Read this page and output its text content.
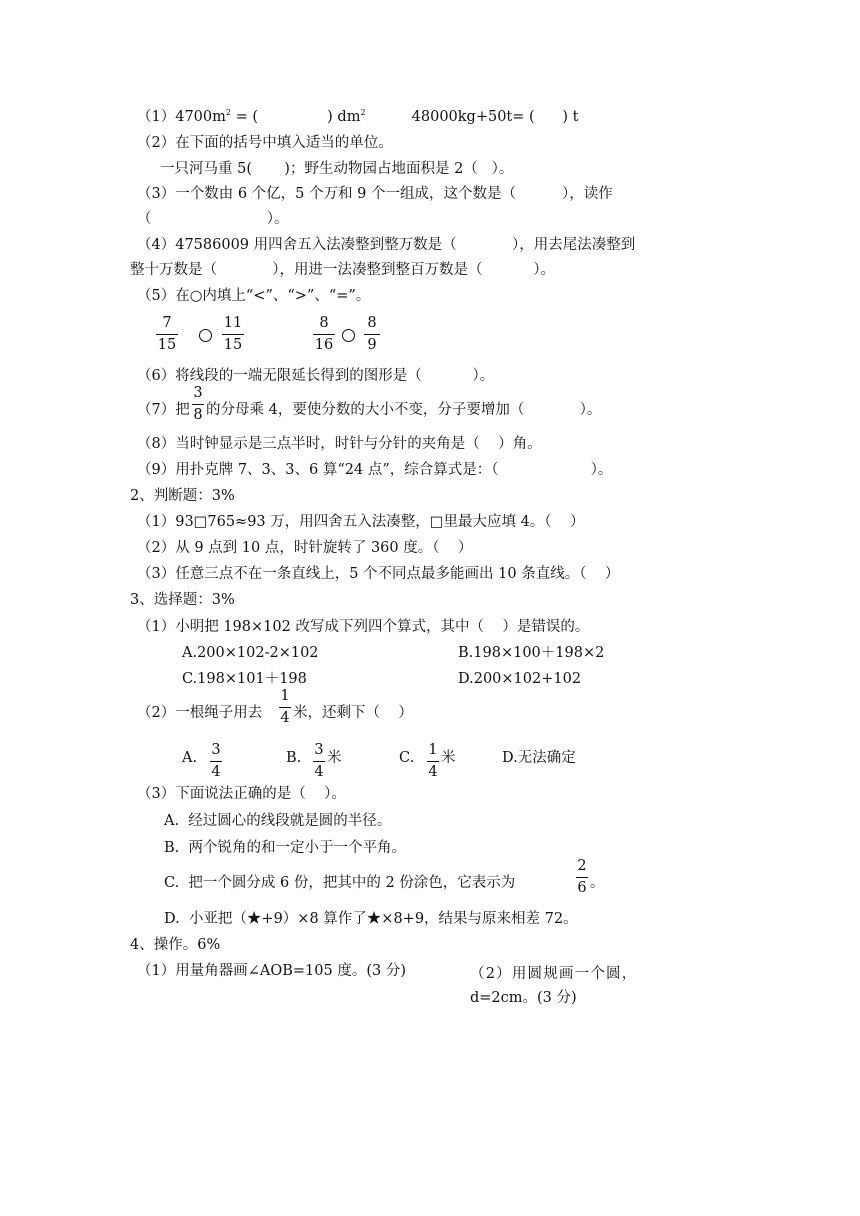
$(1)4700m^2$ = (               ) $dm^2$          48000kg+50t= (      ) t
（2）在下面的括号中填入适当的单位。
一只河马重 5(       )；野生动物园占地面积是 2（   ）。
（3）一个数由 6 个亿，5 个万和 9 个一组成，这个数是（          ），读作
（                         ）。
（4）47586009 用四舍五入法凑整到整万数是（            ），用去尾法凑整到
整十万数是（            ），用进一法凑整到整百万数是（           ）。
（5）在○内填上“<”、“>”、“=”。
7
15
11
15
8
16
8
9
（6）将线段的一端无限延长得到的图形是（           ）。
（7）把
3
8 的分母乘 4，要使分数的大小不变，分子要增加（            ）。
（8）当时钟显示是三点半时，时针与分针的夹角是（    ）角。
（9）用扑克牌 7、3、3、6 算“24 点”，综合算式是：（                    ）。
2、判断题：3%
（1）93□765≈93 万，用四舍五入法凑整，□里最大应填 4。（    ）
（2）从 9 点到 10 点，时针旋转了 360 度。（    ）
（3）任意三点不在一条直线上，5 个不同点最多能画出 10 条直线。（    ）
3、选择题：3%
（1）小明把 198×102 改写成下列四个算式，其中（    ）是错误的。
A.200×102-2×102	B.198×100＋198×2
C.198×101＋198	D.200×102+102
（2）一根绳子用去
1
4 米，还剩下（    ）
A. 3
4
B. 3
4
米	C. 1
4
米	D.无法确定
（3）下面说法正确的是（    ）。
A.  经过圆心的线段就是圆的半径。
B.  两个锐角的和一定小于一个平角。
C.  把一个圆分成 6 份，把其中的 2 份涂色，它表示为
2
6 。
D.  小亚把（★+9）×8 算作了★×8+9，结果与原来相差 72。
4、操作。6%
（1）用量角器画∠AOB=105 度。(3 分)	（2）用圆规画一个圆，
d=2cm。(3 分)
